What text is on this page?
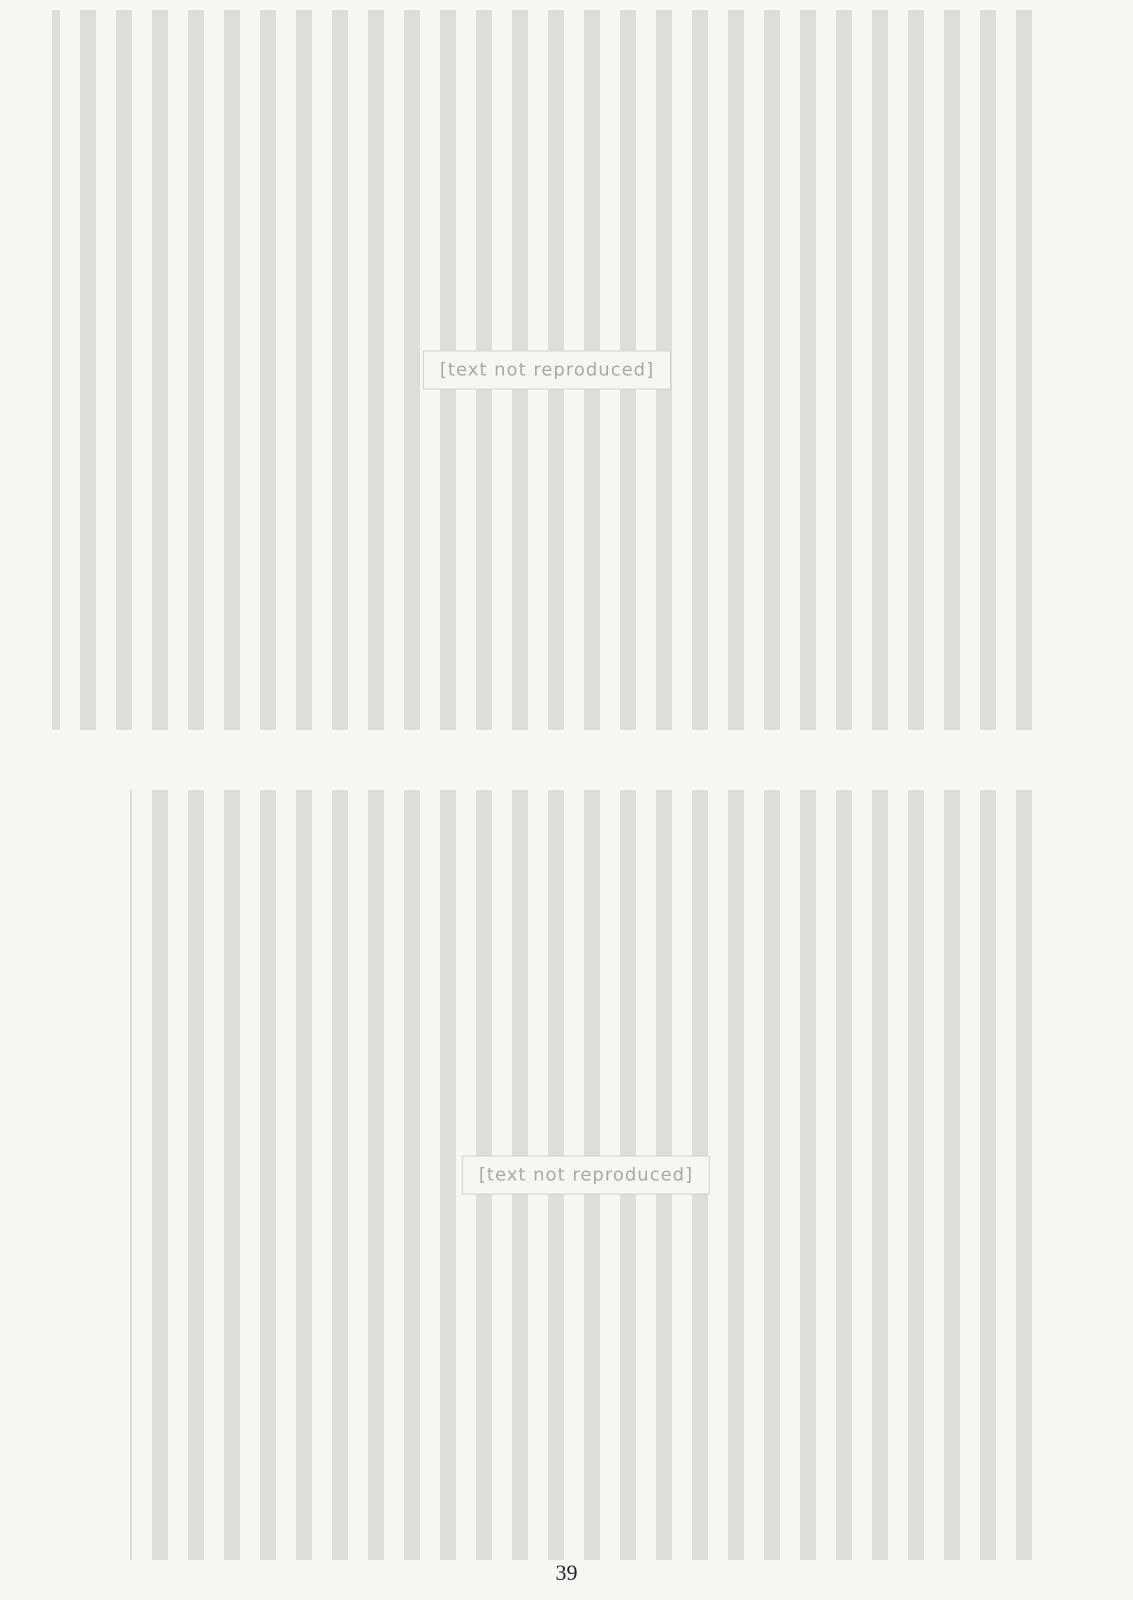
[text not reproduced]
[text not reproduced]
39
